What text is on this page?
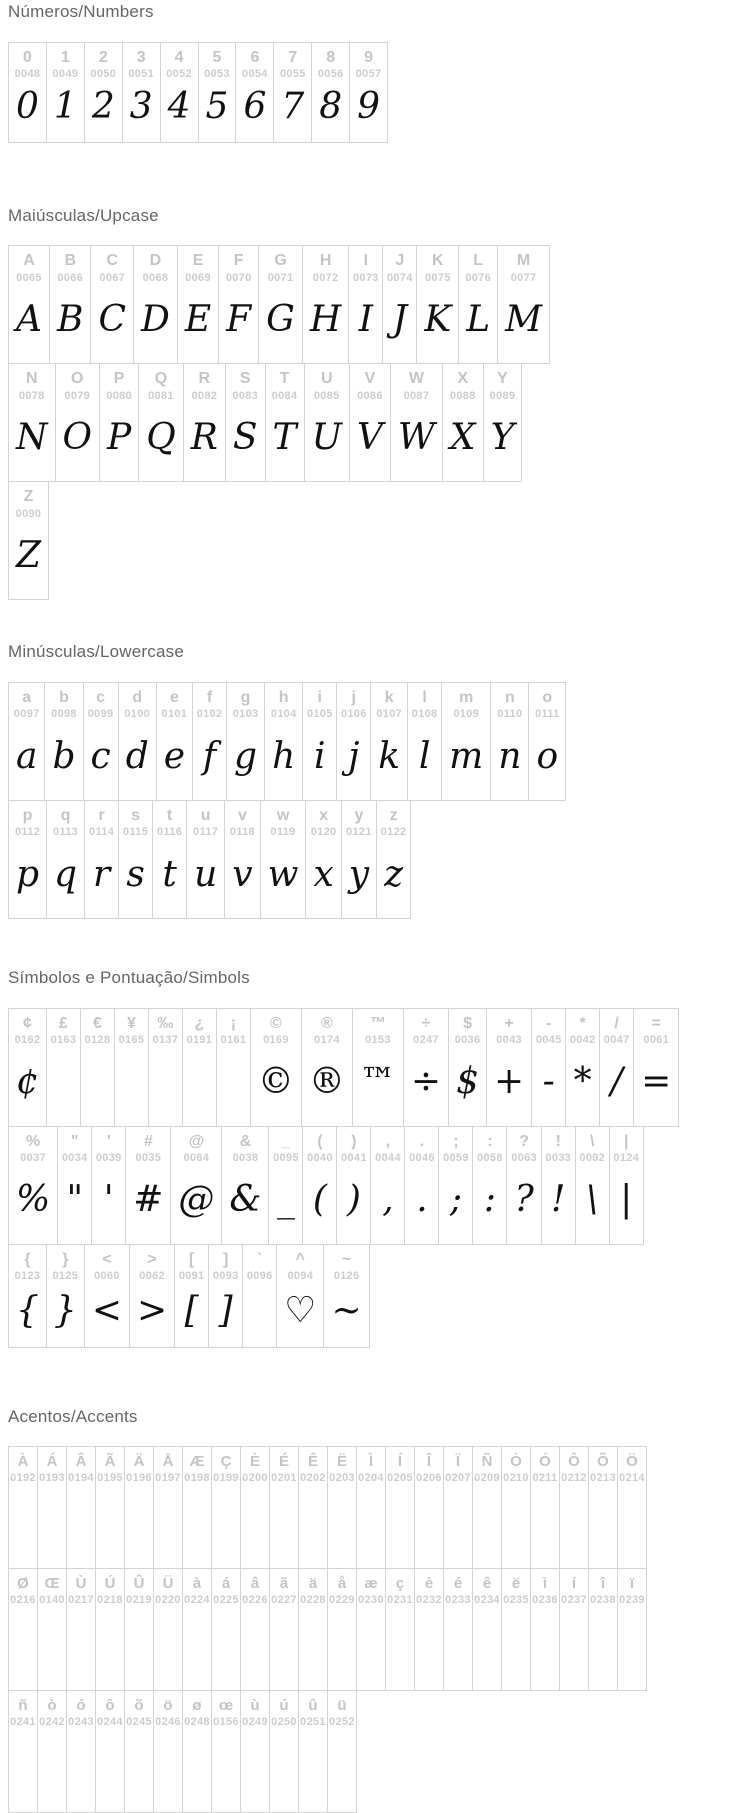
Números/Numbers
0
0048
0
1
0049
1
2
0050
2
3
0051
3
4
0052
4
5
0053
5
6
0054
6
7
0055
7
8
0056
8
9
0057
9
Maiúsculas/Upcase
A
0065
A
B
0066
B
C
0067
C
D
0068
D
E
0069
E
F
0070
F
G
0071
G
H
0072
H
I
0073
I
J
0074
J
K
0075
K
L
0076
L
M
0077
M
N
0078
N
O
0079
O
P
0080
P
Q
0081
Q
R
0082
R
S
0083
S
T
0084
T
U
0085
U
V
0086
V
W
0087
W
X
0088
X
Y
0089
Y
Z
0090
Z
Minúsculas/Lowercase
a
0097
a
b
0098
b
c
0099
c
d
0100
d
e
0101
e
f
0102
f
g
0103
g
h
0104
h
i
0105
i
j
0106
j
k
0107
k
l
0108
l
m
0109
m
n
0110
n
o
0111
o
p
0112
p
q
0113
q
r
0114
r
s
0115
s
t
0116
t
u
0117
u
v
0118
v
w
0119
w
x
0120
x
y
0121
y
z
0122
z
Símbolos e Pontuação/Simbols
¢
0162
¢
£
0163
€
0128
¥
0165
‰
0137
¿
0191
¡
0161
©
0169
©
®
0174
®
™
0153
™
÷
0247
÷
$
0036
$
+
0043
+
-
0045
-
*
0042
*
/
0047
/
=
0061
=
%
0037
%
"
0034
"
'
0039
'
#
0035
#
@
0064
@
&
0038
&
_
0095
_
(
0040
(
)
0041
)
,
0044
,
.
0046
.
;
0059
;
:
0058
:
?
0063
?
!
0033
!
\
0092
\
|
0124
|
{
0123
{
}
0125
}
<
0060
<
>
0062
>
[
0091
[
]
0093
]
`
0096
^
0094
♡
~
0126
~
Acentos/Accents
À
0192
Á
0193
Â
0194
Ã
0195
Ä
0196
Å
0197
Æ
0198
Ç
0199
È
0200
É
0201
Ê
0202
Ë
0203
Ì
0204
Í
0205
Î
0206
Ï
0207
Ñ
0209
Ò
0210
Ó
0211
Ô
0212
Õ
0213
Ö
0214
Ø
0216
Œ
0140
Ù
0217
Ú
0218
Û
0219
Ü
0220
à
0224
á
0225
â
0226
ã
0227
ä
0228
å
0229
æ
0230
ç
0231
è
0232
é
0233
ê
0234
ë
0235
ì
0236
í
0237
î
0238
ï
0239
ñ
0241
ò
0242
ó
0243
ô
0244
õ
0245
ö
0246
ø
0248
œ
0156
ù
0249
ú
0250
û
0251
ü
0252
